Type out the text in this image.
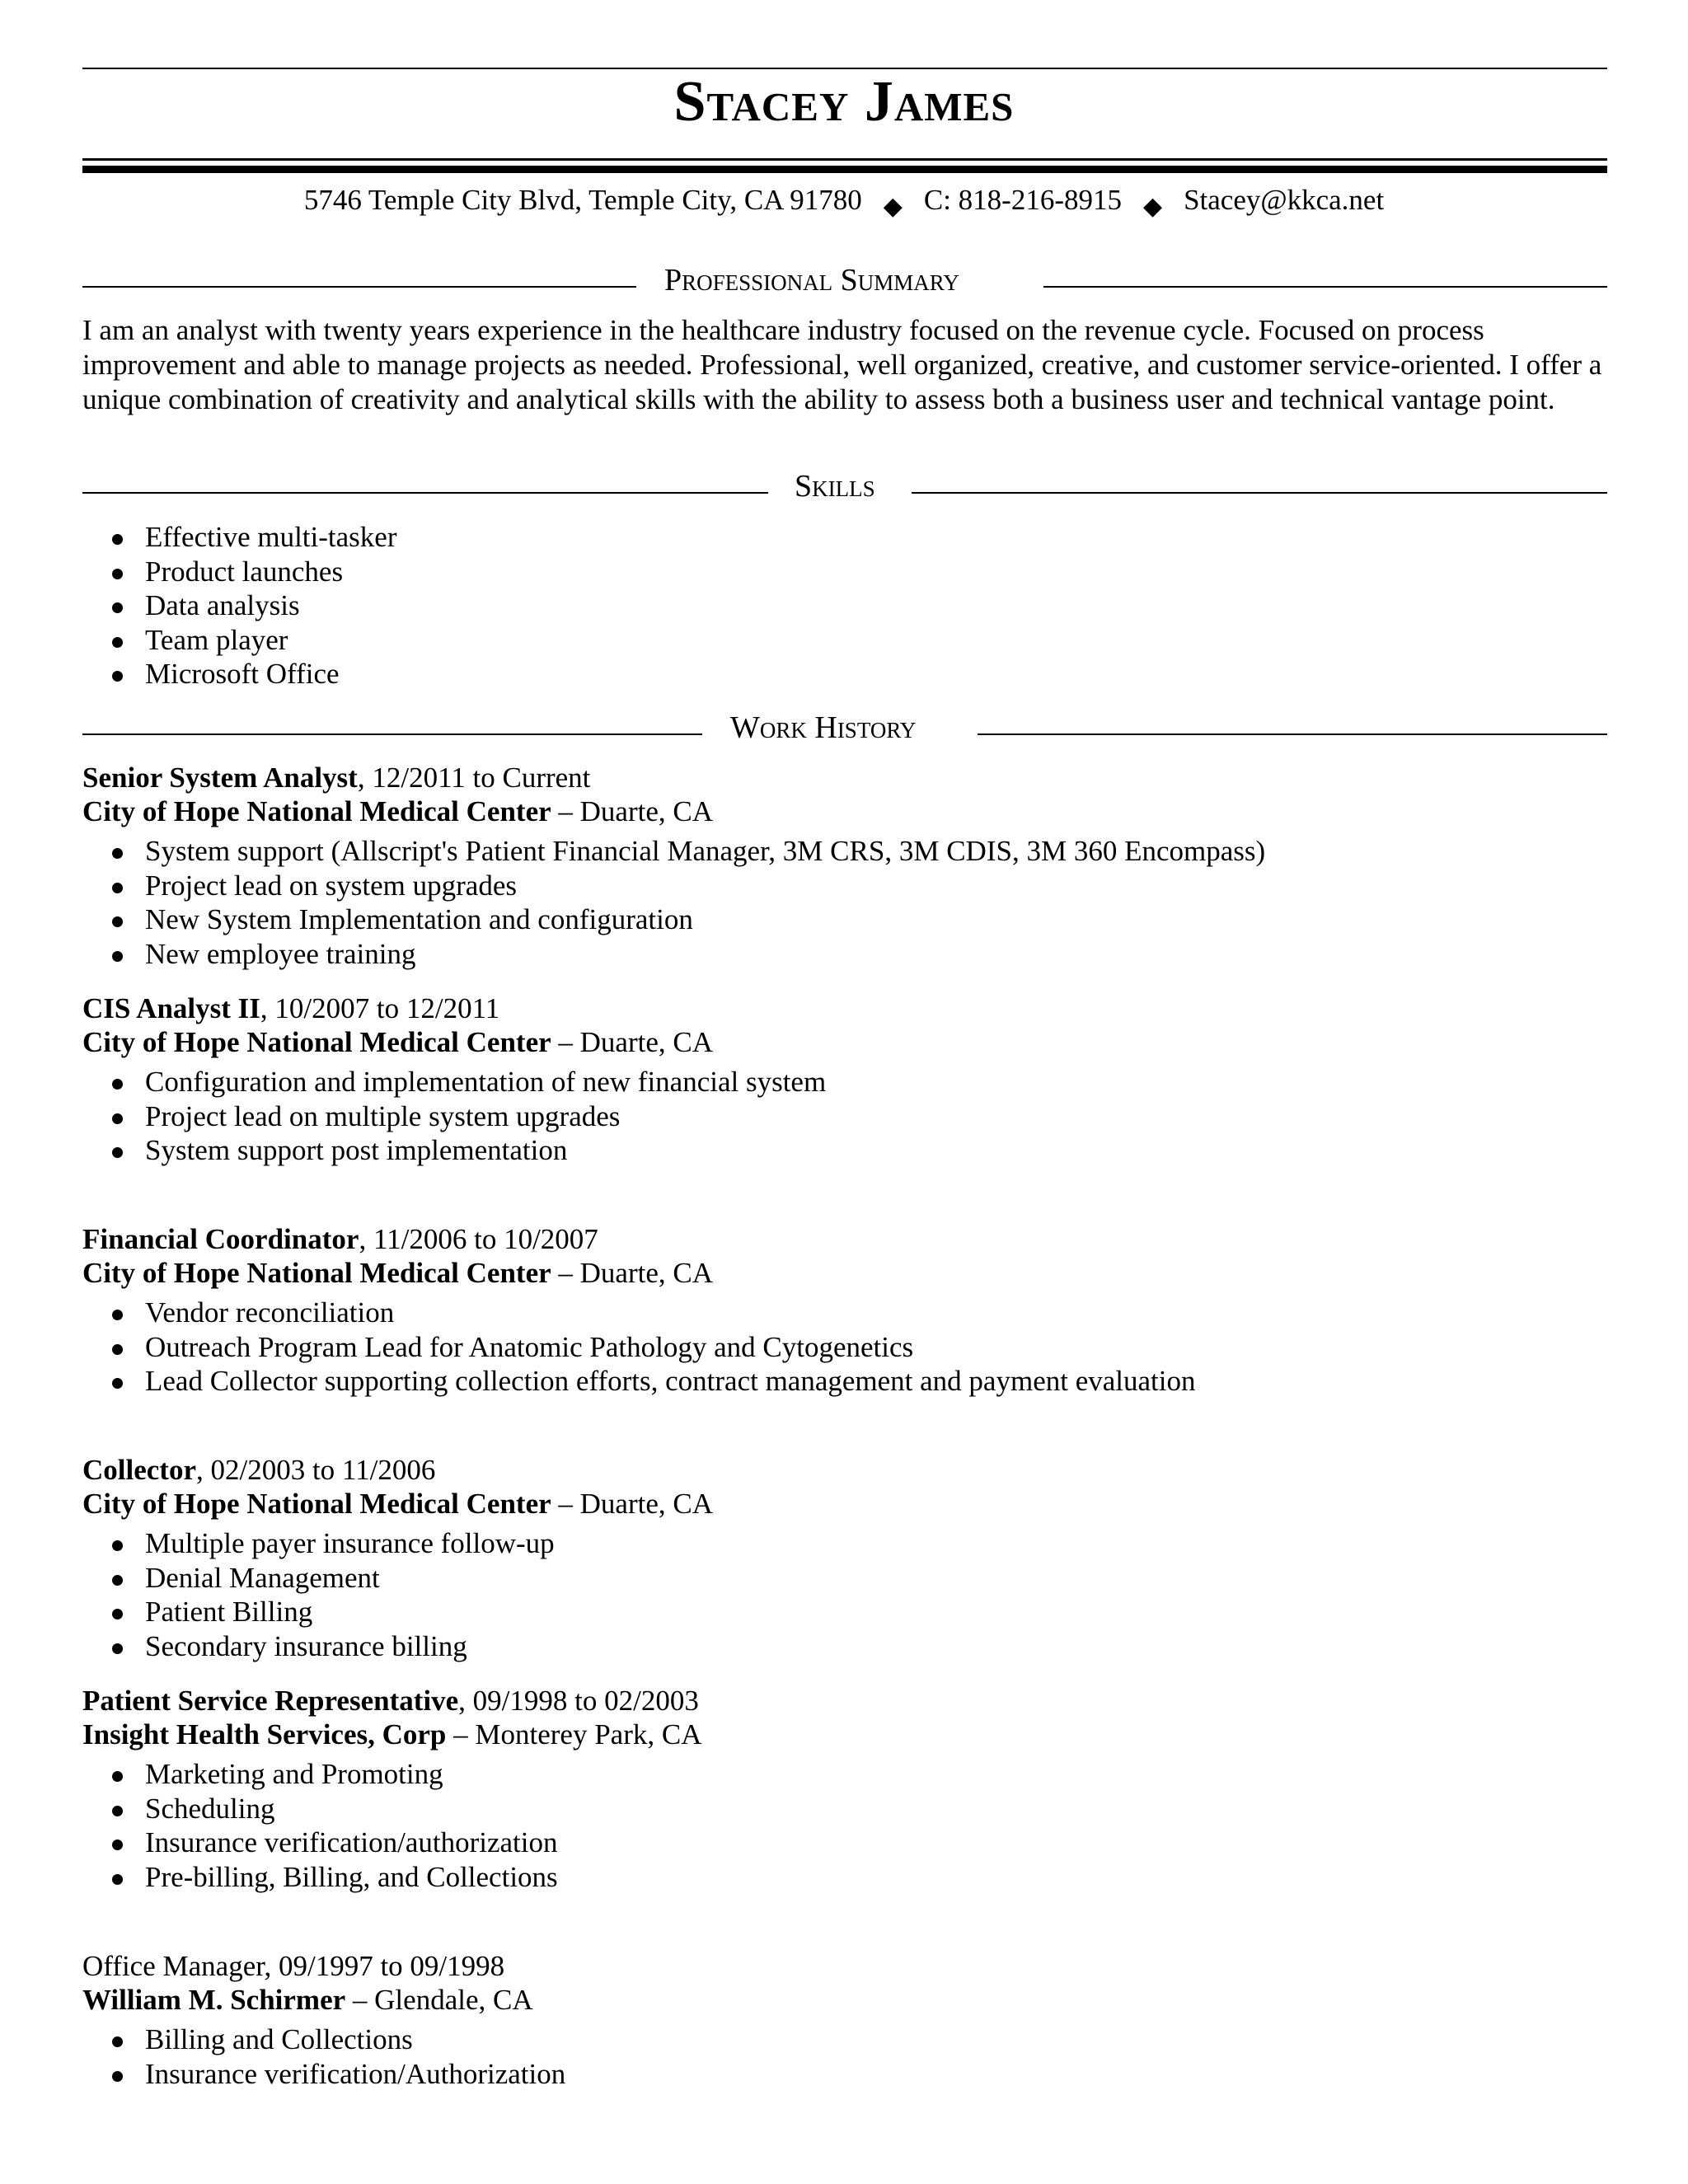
Stacey James
5746 Temple City Blvd, Temple City, CA 91780 ◆ C: 818-216-8915 ◆ Stacey@kkca.net
Professional Summary
I am an analyst with twenty years experience in the healthcare industry focused on the revenue cycle. Focused on process improvement and able to manage projects as needed. Professional, well organized, creative, and customer service-oriented. I offer a unique combination of creativity and analytical skills with the ability to assess both a business user and technical vantage point.
Skills
Effective multi-tasker
Product launches
Data analysis
Team player
Microsoft Office
Work History
Senior System Analyst, 12/2011 to Current
City of Hope National Medical Center – Duarte, CA
System support (Allscript's Patient Financial Manager, 3M CRS, 3M CDIS, 3M 360 Encompass)
Project lead on system upgrades
New System Implementation and configuration
New employee training
CIS Analyst II, 10/2007 to 12/2011
City of Hope National Medical Center – Duarte, CA
Configuration and implementation of new financial system
Project lead on multiple system upgrades
System support post implementation
Financial Coordinator, 11/2006 to 10/2007
City of Hope National Medical Center – Duarte, CA
Vendor reconciliation
Outreach Program Lead for Anatomic Pathology and Cytogenetics
Lead Collector supporting collection efforts, contract management and payment evaluation
Collector, 02/2003 to 11/2006
City of Hope National Medical Center – Duarte, CA
Multiple payer insurance follow-up
Denial Management
Patient Billing
Secondary insurance billing
Patient Service Representative, 09/1998 to 02/2003
Insight Health Services, Corp – Monterey Park, CA
Marketing and Promoting
Scheduling
Insurance verification/authorization
Pre-billing, Billing, and Collections
Office Manager, 09/1997 to 09/1998
William M. Schirmer – Glendale, CA
Billing and Collections
Insurance verification/Authorization
